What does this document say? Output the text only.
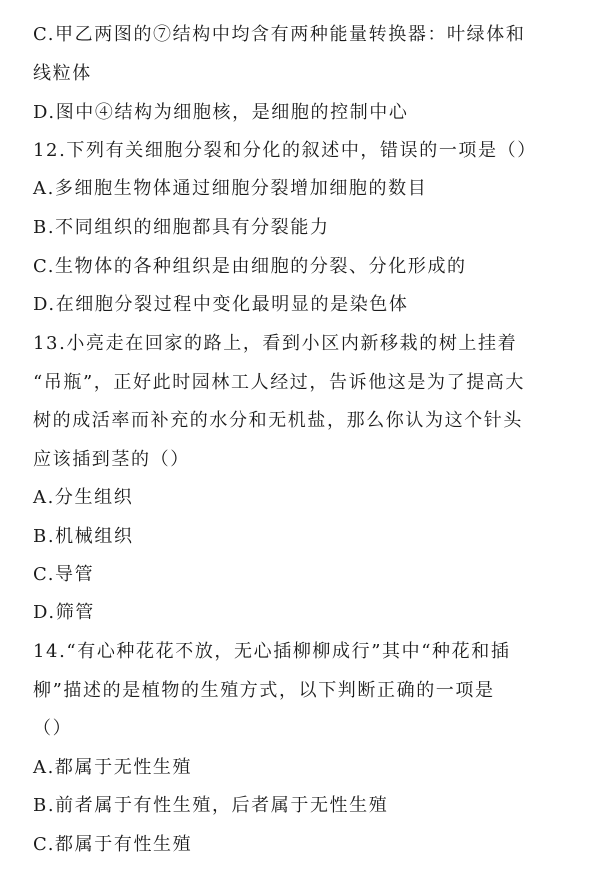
C.甲乙两图的⑦结构中均含有两种能量转换器：叶绿体和
线粒体
D.图中④结构为细胞核，是细胞的控制中心
12.下列有关细胞分裂和分化的叙述中，错误的一项是（）
A.多细胞生物体通过细胞分裂增加细胞的数目
B.不同组织的细胞都具有分裂能力
C.生物体的各种组织是由细胞的分裂、分化形成的
D.在细胞分裂过程中变化最明显的是染色体
13.小亮走在回家的路上，看到小区内新移栽的树上挂着
“吊瓶”，正好此时园林工人经过，告诉他这是为了提高大
树的成活率而补充的水分和无机盐，那么你认为这个针头
应该插到茎的（）
A.分生组织
B.机械组织
C.导管
D.筛管
14.“有心种花花不放，无心插柳柳成行”其中“种花和插
柳”描述的是植物的生殖方式，以下判断正确的一项是
（）
A.都属于无性生殖
B.前者属于有性生殖，后者属于无性生殖
C.都属于有性生殖
